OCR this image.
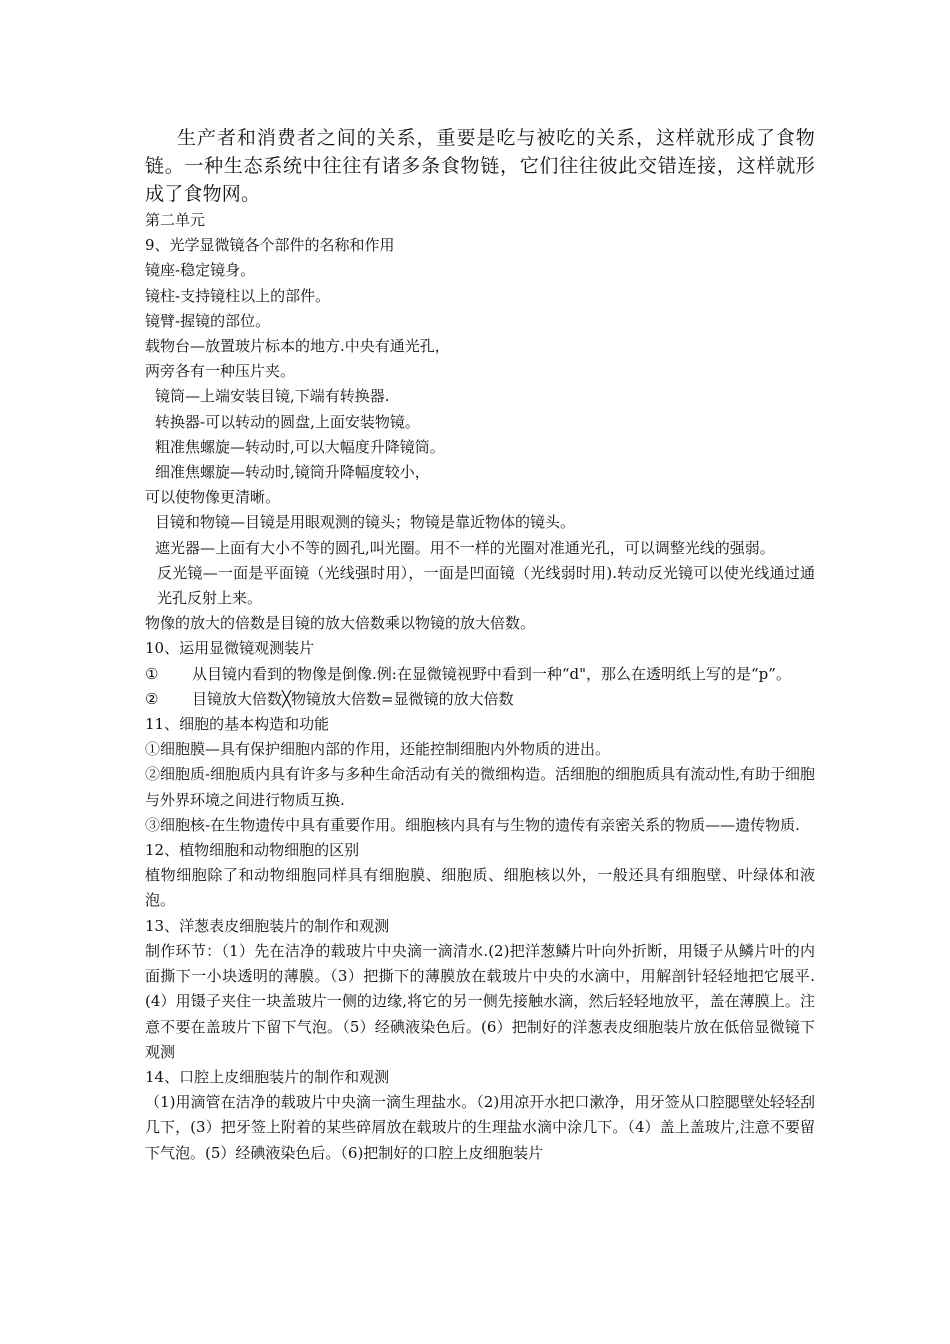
生产者和消费者之间的关系，重要是吃与被吃的关系，这样就形成了食物链。一种生态系统中往往有诸多条食物链，它们往往彼此交错连接，这样就形成了食物网。

第二单元

9、光学显微镜各个部件的名称和作用

镜座-稳定镜身。

镜柱-支持镜柱以上的部件。

镜臂-握镜的部位。

载物台—放置玻片标本的地方.中央有通光孔，

两旁各有一种压片夹。

镜筒—上端安装目镜,下端有转换器.

转换器-可以转动的圆盘,上面安装物镜。

粗准焦螺旋—转动时,可以大幅度升降镜筒。

细准焦螺旋—转动时,镜筒升降幅度较小，

可以使物像更清晰。

目镜和物镜—目镜是用眼观测的镜头；物镜是靠近物体的镜头。

遮光器—上面有大小不等的圆孔,叫光圈。用不一样的光圈对准通光孔，可以调整光线的强弱。

反光镜—一面是平面镜（光线强时用），一面是凹面镜（光线弱时用).转动反光镜可以使光线通过通光孔反射上来。

物像的放大的倍数是目镜的放大倍数乘以物镜的放大倍数。

10、运用显微镜观测装片

① 从目镜内看到的物像是倒像.例:在显微镜视野中看到一种“d"，那么在透明纸上写的是“p”。

② 目镜放大倍数╳物镜放大倍数=显微镜的放大倍数

11、细胞的基本构造和功能

①细胞膜—具有保护细胞内部的作用，还能控制细胞内外物质的进出。

②细胞质-细胞质内具有许多与多种生命活动有关的微细构造。活细胞的细胞质具有流动性,有助于细胞与外界环境之间进行物质互换.

③细胞核-在生物遗传中具有重要作用。细胞核内具有与生物的遗传有亲密关系的物质——遗传物质.

12、植物细胞和动物细胞的区别

植物细胞除了和动物细胞同样具有细胞膜、细胞质、细胞核以外，一般还具有细胞壁、叶绿体和液泡。

13、洋葱表皮细胞装片的制作和观测

制作环节：（1）先在洁净的载玻片中央滴一滴清水.(2)把洋葱鳞片叶向外折断，用镊子从鳞片叶的内面撕下一小块透明的薄膜。（3）把撕下的薄膜放在载玻片中央的水滴中，用解剖针轻轻地把它展平.(4）用镊子夹住一块盖玻片一侧的边缘,将它的另一侧先接触水滴，然后轻轻地放平，盖在薄膜上。注意不要在盖玻片下留下气泡。（5）经碘液染色后。(6）把制好的洋葱表皮细胞装片放在低倍显微镜下观测

14、口腔上皮细胞装片的制作和观测

（1)用滴管在洁净的载玻片中央滴一滴生理盐水。（2)用凉开水把口漱净，用牙签从口腔腮壁处轻轻刮几下，(3）把牙签上附着的某些碎屑放在载玻片的生理盐水滴中涂几下。（4）盖上盖玻片,注意不要留下气泡。(5）经碘液染色后。（6)把制好的口腔上皮细胞装片
